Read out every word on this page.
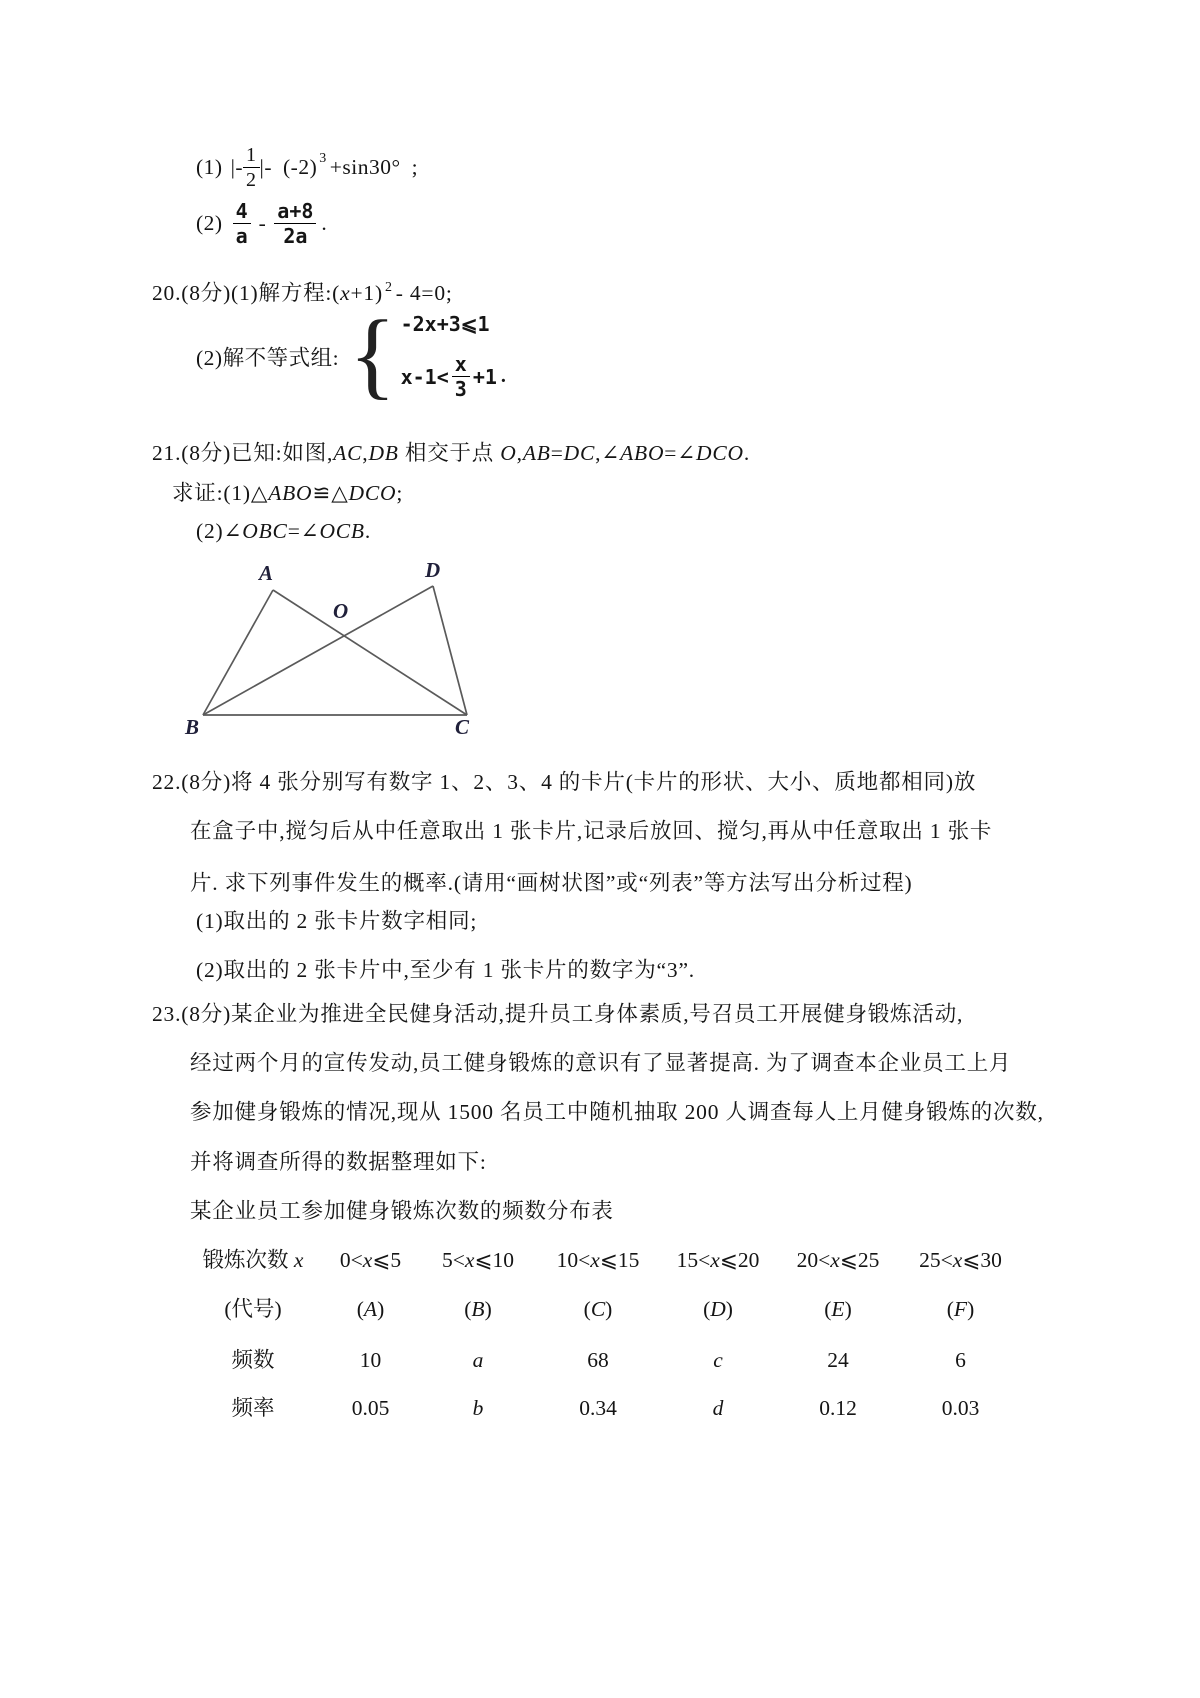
(1) |- $\frac{1}{2}$ |- (-2) 3 +sin30° ;
$(2) \frac{4}{a} - \frac{a+8}{2a}$ .
20.(8分)(1)解方程:(x+1) $^2$ - 4=0;
(2)解不等式组: { -2x+3⩽1
$x-1< \frac{x}{3} +1$ .
21.(8分)已知:如图,AC,DB 相交于点 O,AB=DC,∠ABO=∠DCO.
求证:(1)△ABO≌△DCO;
(2)∠OBC=∠OCB.
A	D
O
B	C
22.(8分)将 4 张分别写有数字 1、2、3、4 的卡片(卡片的形状、大小、质地都相同)放
在盒子中,搅匀后从中任意取出 1 张卡片,记录后放回、搅匀,再从中任意取出 1 张卡
片. 求下列事件发生的概率.(请用“画树状图”或“列表”等方法写出分析过程)
(1)取出的 2 张卡片数字相同;
(2)取出的 2 张卡片中,至少有 1 张卡片的数字为“3”.
23.(8分)某企业为推进全民健身活动,提升员工身体素质,号召员工开展健身锻炼活动,
经过两个月的宣传发动,员工健身锻炼的意识有了显著提高. 为了调查本企业员工上月
参加健身锻炼的情况,现从 1500 名员工中随机抽取 200 人调查每人上月健身锻炼的次数,
并将调查所得的数据整理如下:
某企业员工参加健身锻炼次数的频数分布表
锻炼次数 x	0<x⩽5	5<x⩽10	10<x⩽15	15<x⩽20	20<x⩽25	25<x⩽30
(代号)	(A)	(B)	(C)	(D)	(E)	(F)
频数	10	a	68	c	24	6
频率	0.05	b	0.34	d	0.12	0.03
